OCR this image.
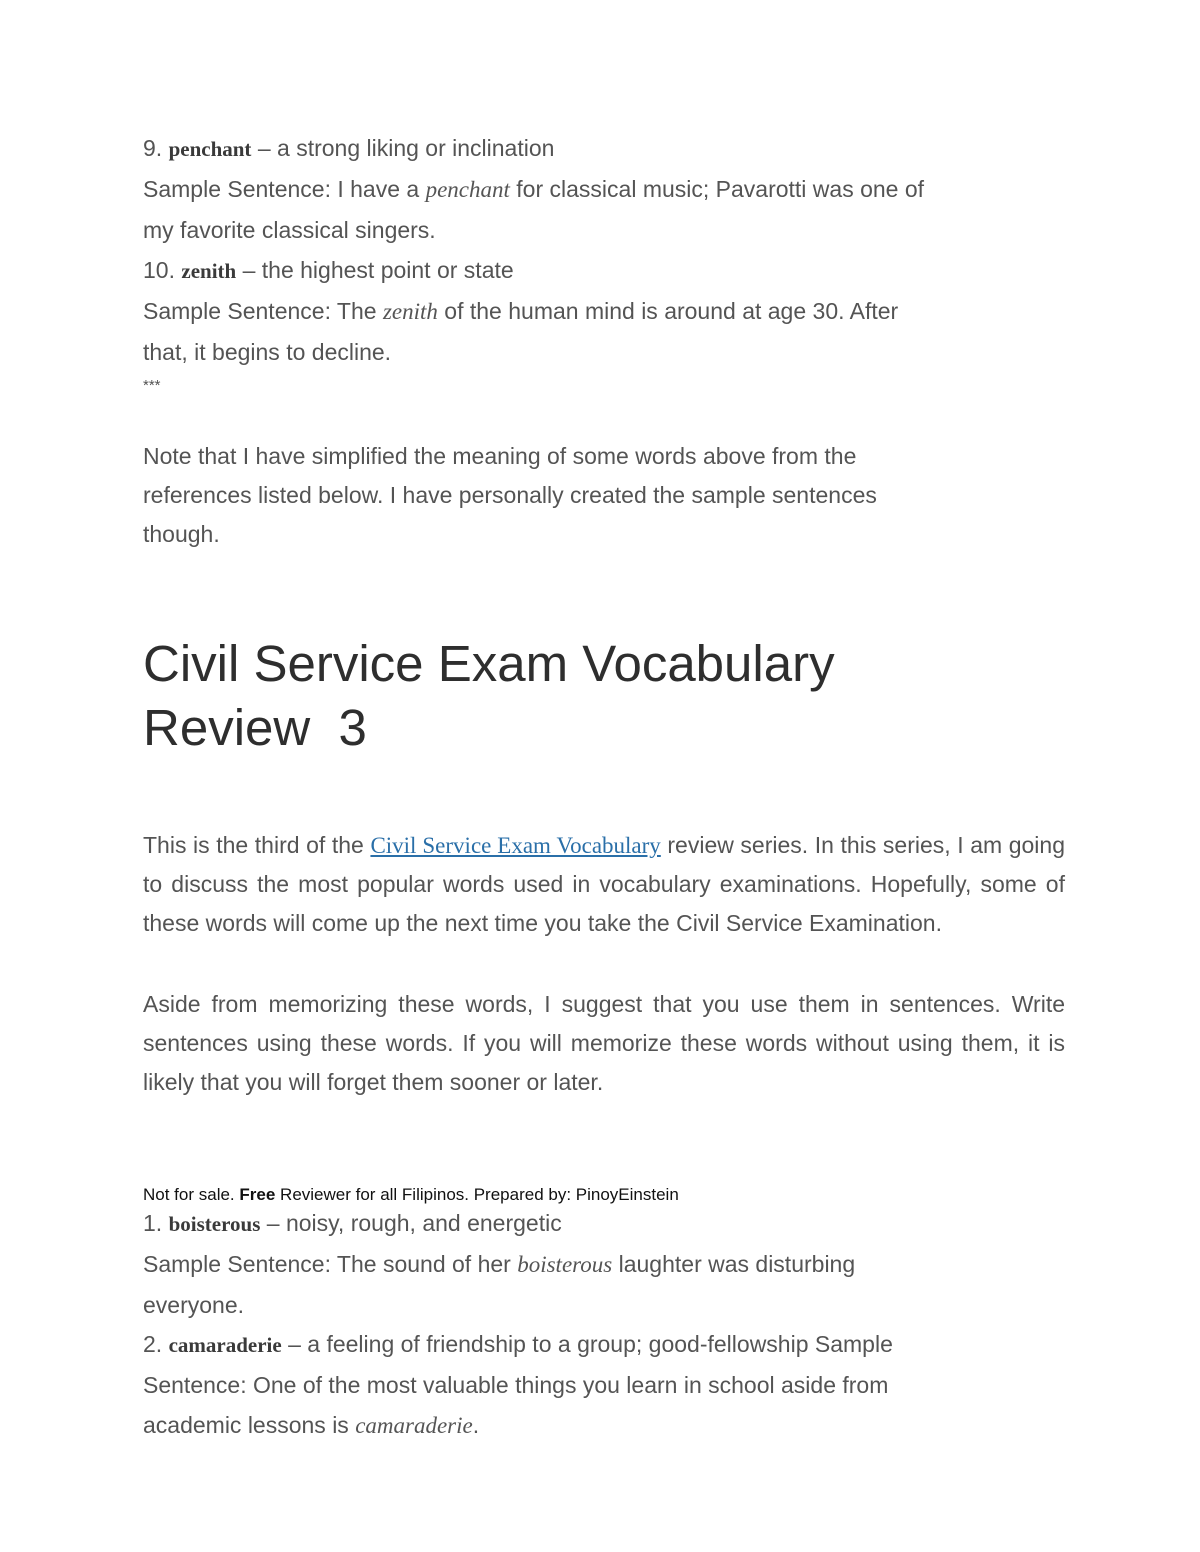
9. penchant – a strong liking or inclination
Sample Sentence: I have a penchant for classical music; Pavarotti was one of
my favorite classical singers.
10. zenith – the highest point or state
Sample Sentence: The zenith of the human mind is around at age 30. After
that, it begins to decline.
***
Note that I have simplified the meaning of some words above from the
references listed below. I have personally created the sample sentences
though.
Civil Service Exam Vocabulary
Review  3

This is the third of the Civil Service Exam Vocabulary review series. In this series, I am going to discuss the most popular words used in vocabulary examinations. Hopefully, some of these words will come up the next time you take the Civil Service Examination.

Aside from memorizing these words, I suggest that you use them in sentences. Write sentences using these words. If you will memorize these words without using them, it is likely that you will forget them sooner or later.

Not for sale. Free Reviewer for all Filipinos. Prepared by: PinoyEinstein
1. boisterous – noisy, rough, and energetic
Sample Sentence: The sound of her boisterous laughter was disturbing
everyone.
2. camaraderie – a feeling of friendship to a group; good-fellowship Sample
Sentence: One of the most valuable things you learn in school aside from
academic lessons is camaraderie.
